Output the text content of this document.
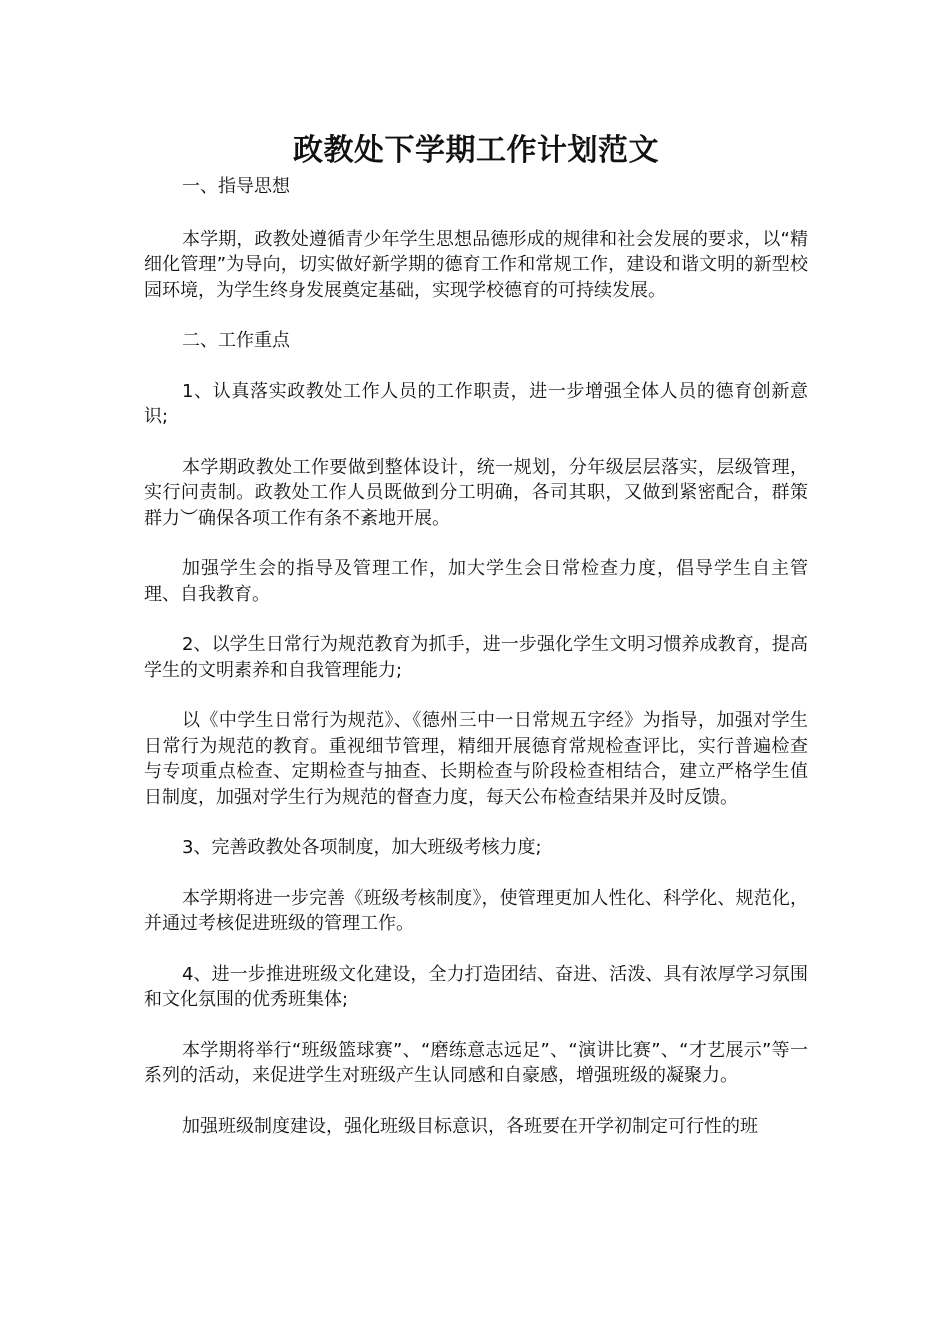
政教处下学期工作计划范文

一、指导思想

本学期，政教处遵循青少年学生思想品德形成的规律和社会发展的要求，以“精细化管理”为导向，切实做好新学期的德育工作和常规工作，建设和谐文明的新型校园环境，为学生终身发展奠定基础，实现学校德育的可持续发展。

二、工作重点

1、认真落实政教处工作人员的工作职责，进一步增强全体人员的德育创新意识;

本学期政教处工作要做到整体设计，统一规划，分年级层层落实，层级管理，实行问责制。政教处工作人员既做到分工明确，各司其职，又做到紧密配合，群策群力︶确保各项工作有条不紊地开展。

加强学生会的指导及管理工作，加大学生会日常检查力度，倡导学生自主管理、自我教育。

2、以学生日常行为规范教育为抓手，进一步强化学生文明习惯养成教育，提高学生的文明素养和自我管理能力;

以《中学生日常行为规范》、《德州三中一日常规五字经》为指导，加强对学生日常行为规范的教育。重视细节管理，精细开展德育常规检查评比，实行普遍检查与专项重点检查、定期检查与抽查、长期检查与阶段检查相结合，建立严格学生值日制度，加强对学生行为规范的督查力度，每天公布检查结果并及时反馈。

3、完善政教处各项制度，加大班级考核力度;

本学期将进一步完善《班级考核制度》，使管理更加人性化、科学化、规范化，并通过考核促进班级的管理工作。

4、进一步推进班级文化建设，全力打造团结、奋进、活泼、具有浓厚学习氛围和文化氛围的优秀班集体;

本学期将举行“班级篮球赛”、“磨练意志远足”、“演讲比赛”、“才艺展示”等一系列的活动，来促进学生对班级产生认同感和自豪感，增强班级的凝聚力。

加强班级制度建设，强化班级目标意识，各班要在开学初制定可行性的班
